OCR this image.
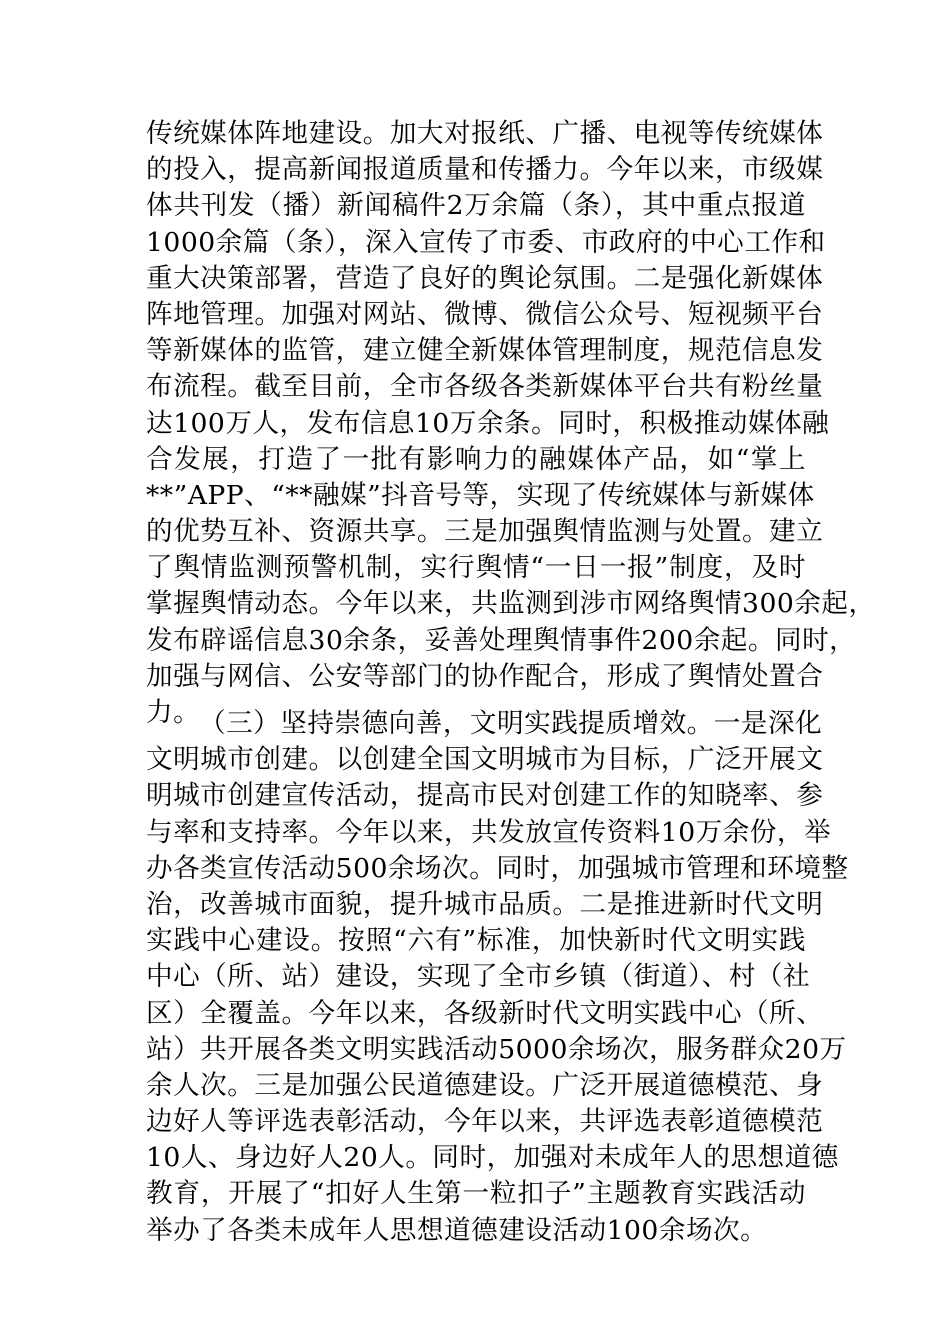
传统媒体阵地建设。加大对报纸、广播、电视等传统媒体
的投入，提高新闻报道质量和传播力。今年以来，市级媒
体共刊发（播）新闻稿件2万余篇（条），其中重点报道
1000余篇（条），深入宣传了市委、市政府的中心工作和
重大决策部署，营造了良好的舆论氛围。二是强化新媒体
阵地管理。加强对网站、微博、微信公众号、短视频平台
等新媒体的监管，建立健全新媒体管理制度，规范信息发
布流程。截至目前，全市各级各类新媒体平台共有粉丝量
达100万人，发布信息10万余条。同时，积极推动媒体融
合发展，打造了一批有影响力的融媒体产品，如“掌上
**”APP、“**融媒”抖音号等，实现了传统媒体与新媒体
的优势互补、资源共享。三是加强舆情监测与处置。建立
了舆情监测预警机制，实行舆情“一日一报”制度，及时
掌握舆情动态。今年以来，共监测到涉市网络舆情300余起，
发布辟谣信息30余条，妥善处理舆情事件200余起。同时，
加强与网信、公安等部门的协作配合，形成了舆情处置合
力。
（三）坚持崇德向善，文明实践提质增效。一是深化
文明城市创建。以创建全国文明城市为目标，广泛开展文
明城市创建宣传活动，提高市民对创建工作的知晓率、参
与率和支持率。今年以来，共发放宣传资料10万余份，举
办各类宣传活动500余场次。同时，加强城市管理和环境整
治，改善城市面貌，提升城市品质。二是推进新时代文明
实践中心建设。按照“六有”标准，加快新时代文明实践
中心（所、站）建设，实现了全市乡镇（街道）、村（社
区）全覆盖。今年以来，各级新时代文明实践中心（所、
站）共开展各类文明实践活动5000余场次，服务群众20万
余人次。三是加强公民道德建设。广泛开展道德模范、身
边好人等评选表彰活动，今年以来，共评选表彰道德模范
10人、身边好人20人。同时，加强对未成年人的思想道德
教育，开展了“扣好人生第一粒扣子”主题教育实践活动
举办了各类未成年人思想道德建设活动100余场次。
